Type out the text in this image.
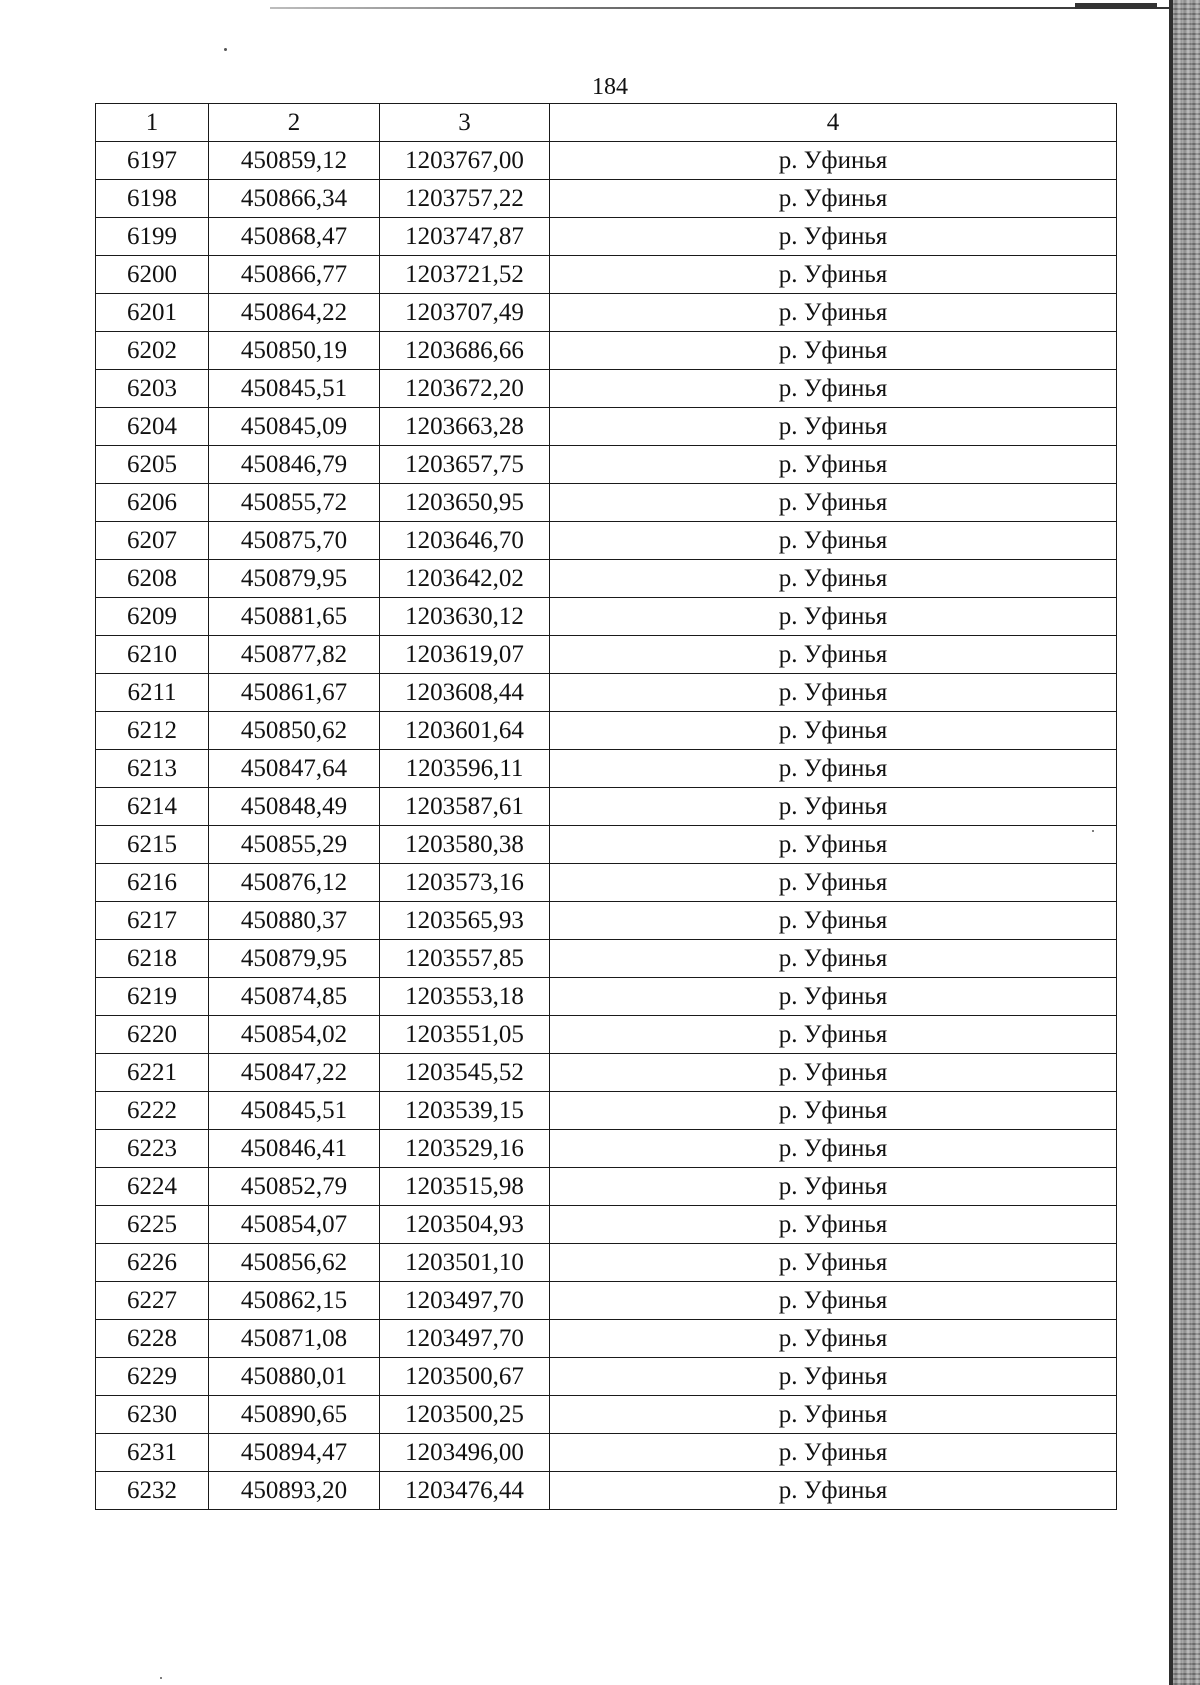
184
1	2	3	4
6197	450859,12	1203767,00	р. Уфинья
6198	450866,34	1203757,22	р. Уфинья
6199	450868,47	1203747,87	р. Уфинья
6200	450866,77	1203721,52	р. Уфинья
6201	450864,22	1203707,49	р. Уфинья
6202	450850,19	1203686,66	р. Уфинья
6203	450845,51	1203672,20	р. Уфинья
6204	450845,09	1203663,28	р. Уфинья
6205	450846,79	1203657,75	р. Уфинья
6206	450855,72	1203650,95	р. Уфинья
6207	450875,70	1203646,70	р. Уфинья
6208	450879,95	1203642,02	р. Уфинья
6209	450881,65	1203630,12	р. Уфинья
6210	450877,82	1203619,07	р. Уфинья
6211	450861,67	1203608,44	р. Уфинья
6212	450850,62	1203601,64	р. Уфинья
6213	450847,64	1203596,11	р. Уфинья
6214	450848,49	1203587,61	р. Уфинья
6215	450855,29	1203580,38	р. Уфинья
6216	450876,12	1203573,16	р. Уфинья
6217	450880,37	1203565,93	р. Уфинья
6218	450879,95	1203557,85	р. Уфинья
6219	450874,85	1203553,18	р. Уфинья
6220	450854,02	1203551,05	р. Уфинья
6221	450847,22	1203545,52	р. Уфинья
6222	450845,51	1203539,15	р. Уфинья
6223	450846,41	1203529,16	р. Уфинья
6224	450852,79	1203515,98	р. Уфинья
6225	450854,07	1203504,93	р. Уфинья
6226	450856,62	1203501,10	р. Уфинья
6227	450862,15	1203497,70	р. Уфинья
6228	450871,08	1203497,70	р. Уфинья
6229	450880,01	1203500,67	р. Уфинья
6230	450890,65	1203500,25	р. Уфинья
6231	450894,47	1203496,00	р. Уфинья
6232	450893,20	1203476,44	р. Уфинья
